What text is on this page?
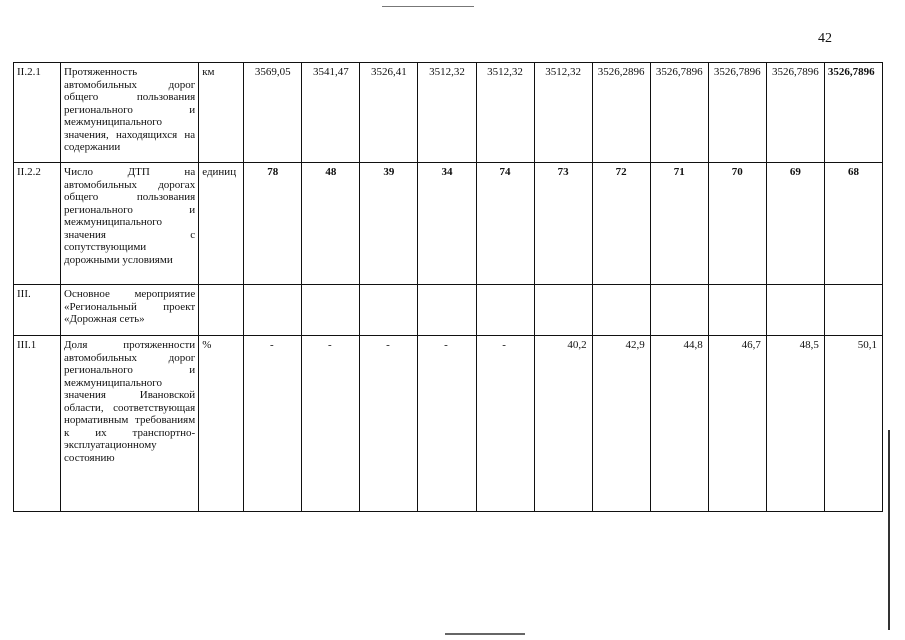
42
II.2.1	Протяженность автомобильных дорог общего пользования регионального и межмуниципального значения, находящихся на содержании	км	3569,05	3541,47	3526,41	3512,32	3512,32	3512,32	3526,2896	3526,7896	3526,7896	3526,7896	3526,7896
II.2.2	Число ДТП на автомобильных дорогах общего пользования регионального и межмуниципального значения с сопутствующими дорожными условиями	единиц	78	48	39	34	74	73	72	71	70	69	68
III.	Основное мероприятие «Региональный проект «Дорожная сеть»												
III.1	Доля протяженности автомобильных дорог регионального и межмуниципального значения Ивановской области, соответствующая нормативным требованиям к их транспортно-эксплуатационному состоянию	%	-	-	-	-	-	40,2	42,9	44,8	46,7	48,5	50,1
